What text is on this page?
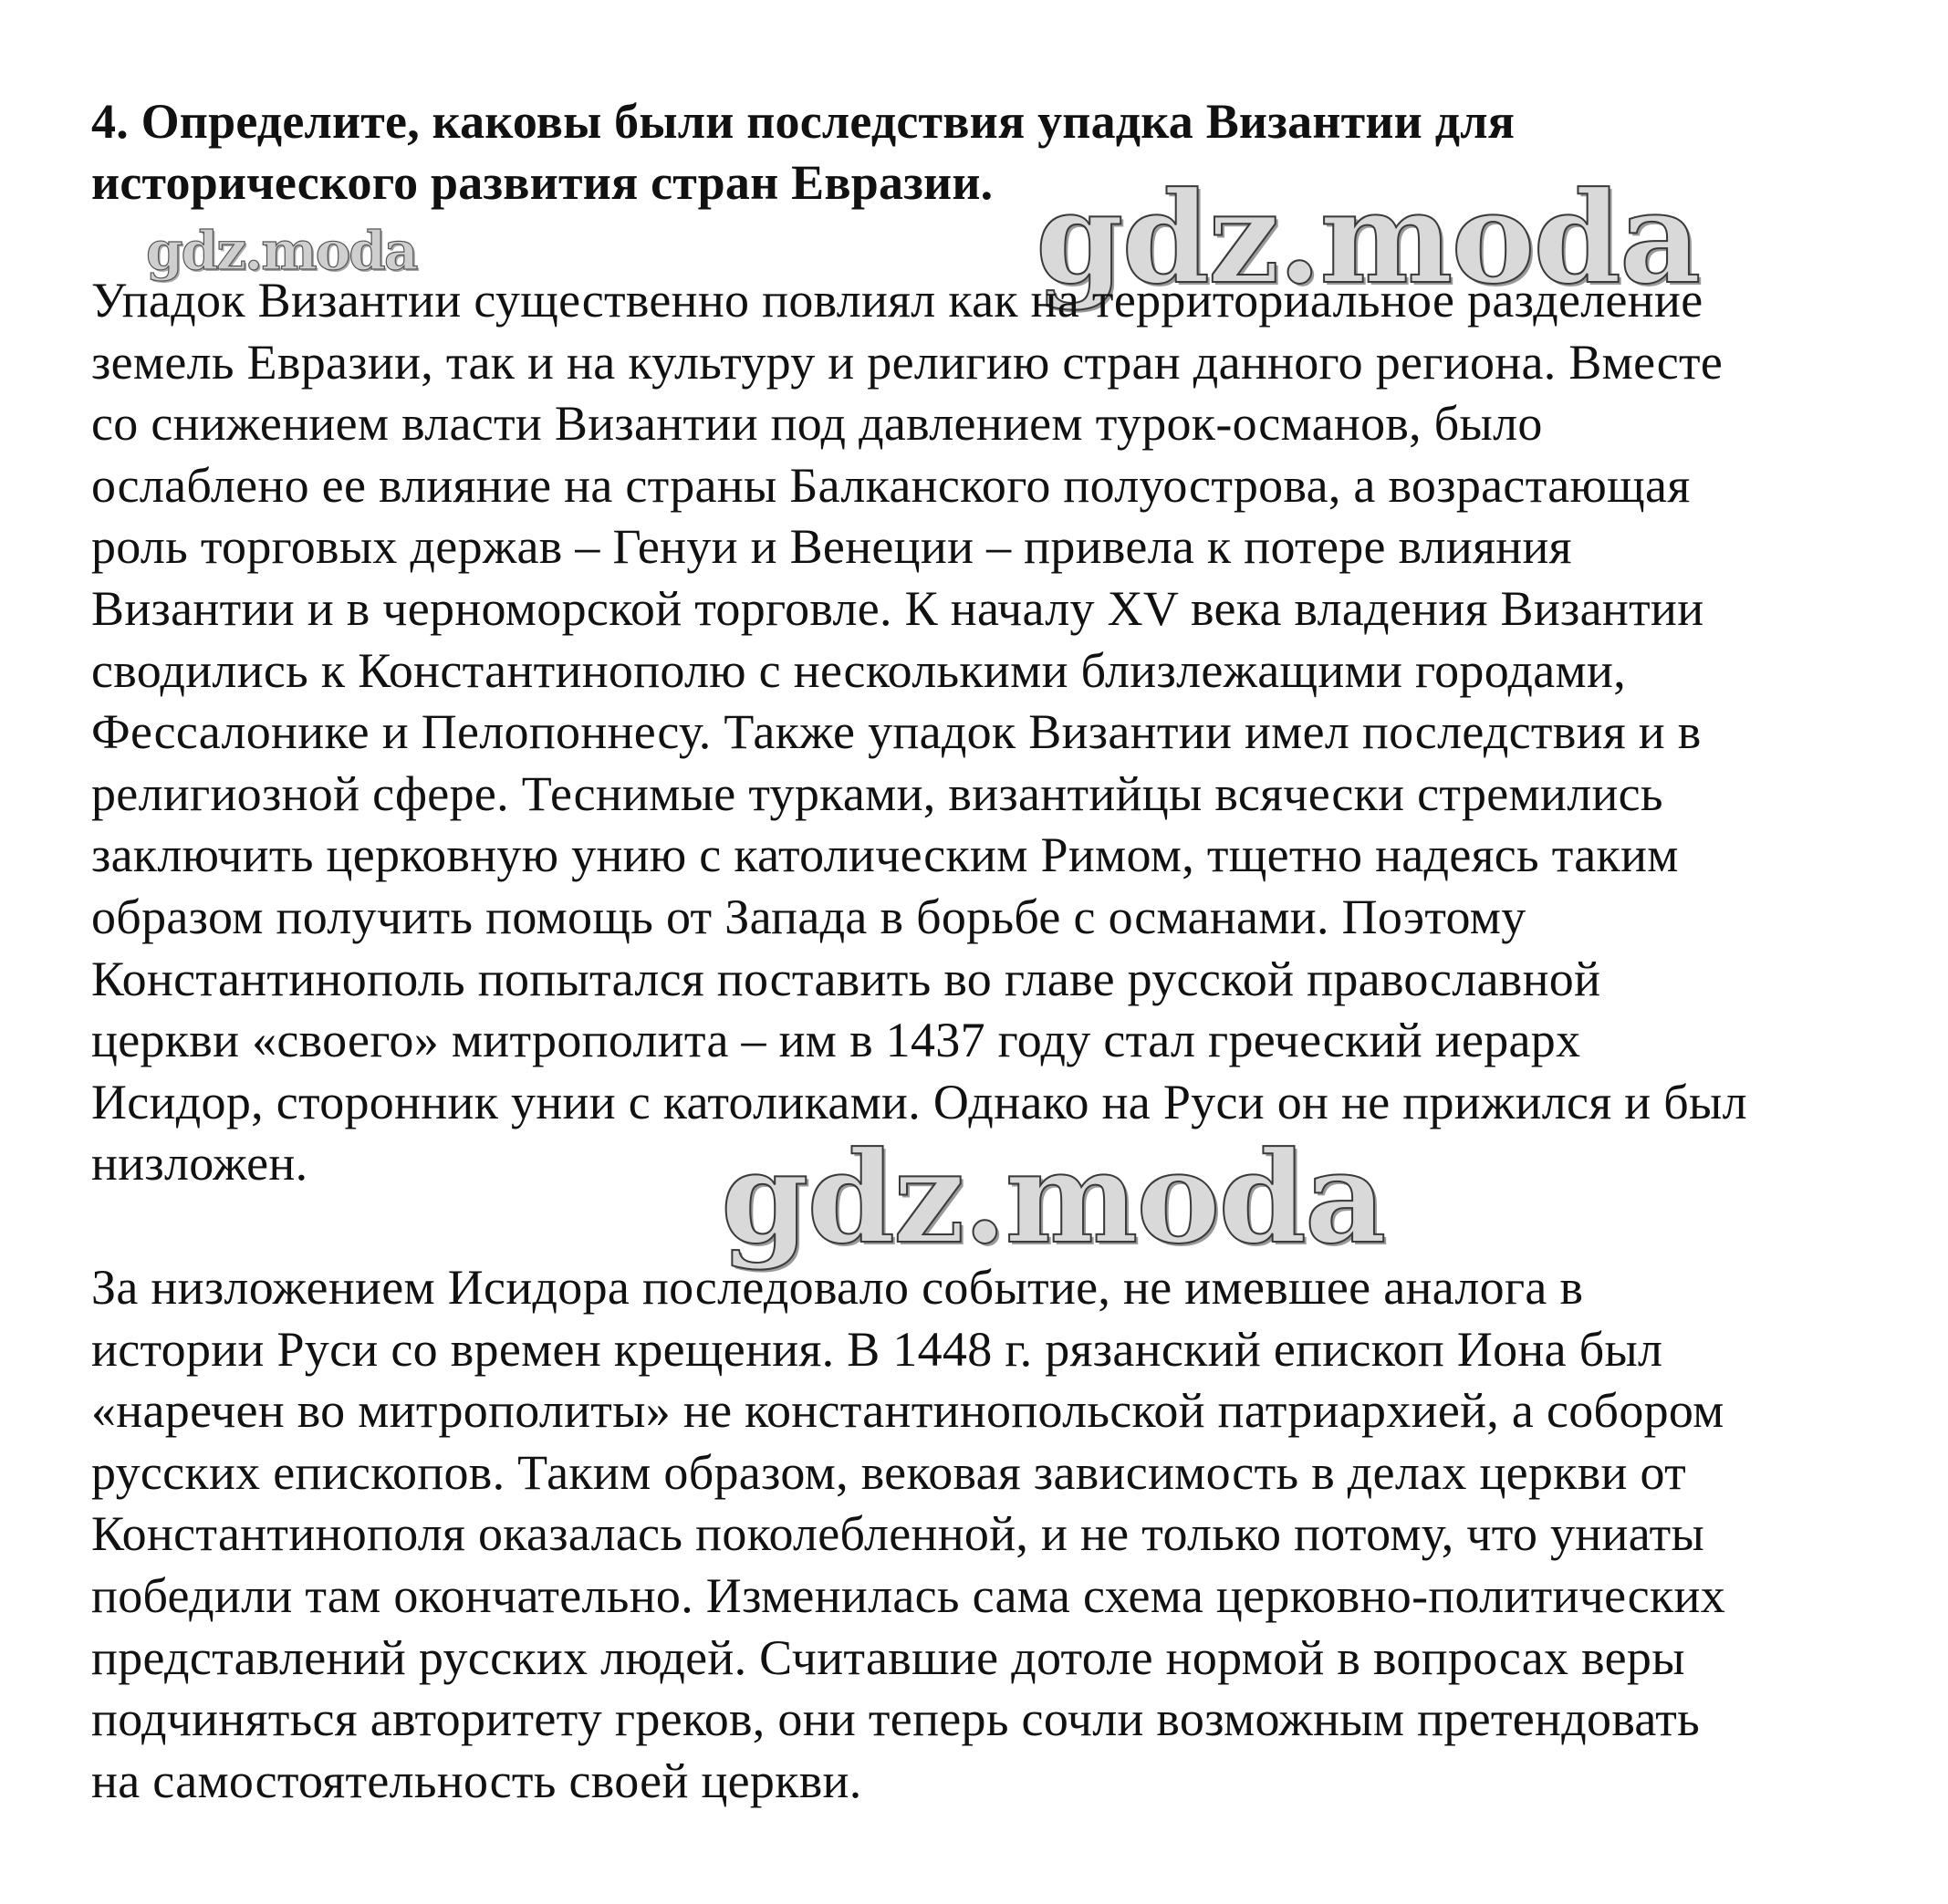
4. Определите, каковы были последствия упадка Византии для
исторического развития стран Евразии.
gdz.moda	gdz.moda

Упадок Византии существенно повлиял как на территориальное разделение
земель Евразии, так и на культуру и религию стран данного региона. Вместе
со снижением власти Византии под давлением турок-османов, было
ослаблено ее влияние на страны Балканского полуострова, а возрастающая
роль торговых держав – Генуи и Венеции – привела к потере влияния
Византии и в черноморской торговле. К началу XV века владения Византии
сводились к Константинополю с несколькими близлежащими городами,
Фессалонике и Пелопоннесу. Также упадок Византии имел последствия и в
религиозной сфере. Теснимые турками, византийцы всячески стремились
заключить церковную унию с католическим Римом, тщетно надеясь таким
образом получить помощь от Запада в борьбе с османами. Поэтому
Константинополь попытался поставить во главе русской православной
церкви «своего» митрополита – им в 1437 году стал греческий иерарх
Исидор, сторонник унии с католиками. Однако на Руси он не прижился и был
низложен.	gdz.moda

За низложением Исидора последовало событие, не имевшее аналога в
истории Руси со времен крещения. В 1448 г. рязанский епископ Иона был
«наречен во митрополиты» не константинопольской патриархией, а собором
русских епископов. Таким образом, вековая зависимость в делах церкви от
Константинополя оказалась поколебленной, и не только потому, что униаты
победили там окончательно. Изменилась сама схема церковно-политических
представлений русских людей. Считавшие дотоле нормой в вопросах веры
подчиняться авторитету греков, они теперь сочли возможным претендовать
на самостоятельность своей церкви.
